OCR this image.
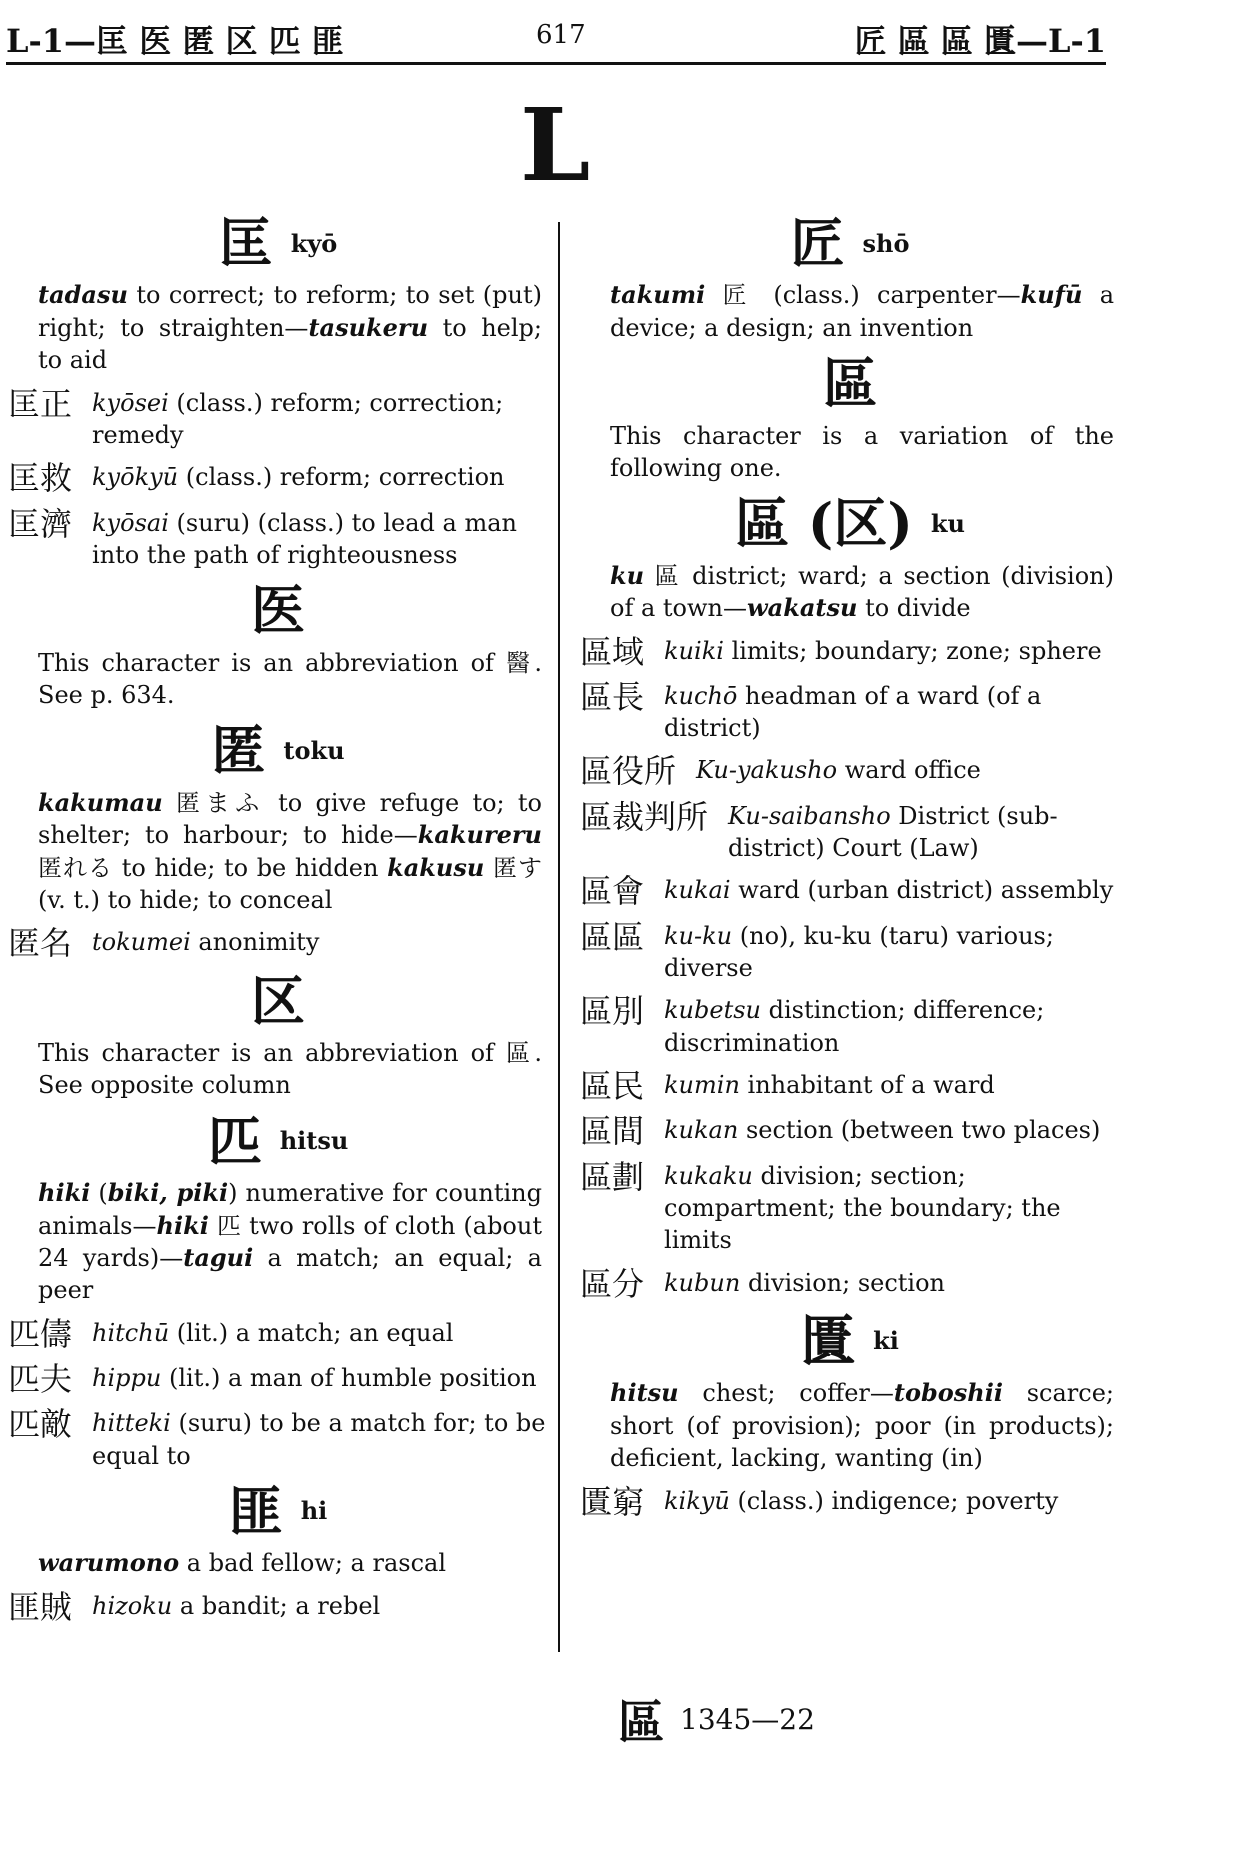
L-1—匡 医 匿 区 匹 匪	617	匠 區 區 匱—L-1
L
匡kyō
tadasu to correct; to reform; to set (put) right; to straighten—tasukeru to help; to aid
匡正 kyōsei (class.) reform; correction; remedy
匡救 kyōkyū (class.) reform; correction
匡濟 kyōsai (suru) (class.) to lead a man into the path of righteousness
医
This character is an abbreviation of 醫. See p. 634.
匿toku
kakumau 匿まふ to give refuge to; to shelter; to harbour; to hide—kakureru 匿れる to hide; to be hidden kakusu 匿す (v. t.) to hide; to conceal
匿名 tokumei anonimity
区
This character is an abbreviation of 區. See opposite column
匹hitsu
hiki (biki, piki) numerative for counting animals—hiki 匹 two rolls of cloth (about 24 yards)—tagui a match; an equal; a peer
匹儔 hitchū (lit.) a match; an equal
匹夫 hippu (lit.) a man of humble position
匹敵 hitteki (suru) to be a match for; to be equal to
匪hi
warumono a bad fellow; a rascal
匪賊 hizoku a bandit; a rebel
匠shō
takumi 匠 (class.) carpenter—kufū a device; a design; an invention
區
This character is a variation of the following one.
區 (区) ku
ku 區 district; ward; a section (division) of a town—wakatsu to divide
區域 kuiki limits; boundary; zone; sphere
區長 kuchō headman of a ward (of a district)
區役所 Ku-yakusho ward office
區裁判所 Ku-saibansho District (sub-district) Court (Law)
區會 kukai ward (urban district) assembly
區區 ku-ku (no), ku-ku (taru) various; diverse
區別 kubetsu distinction; difference; discrimination
區民 kumin inhabitant of a ward
區間 kukan section (between two places)
區劃 kukaku division; section; compartment; the boundary; the limits
區分 kubun division; section
匱ki
hitsu chest; coffer—toboshii scarce; short (of provision); poor (in products); deficient, lacking, wanting (in)
匱窮 kikyū (class.) indigence; poverty
區 1345—22
